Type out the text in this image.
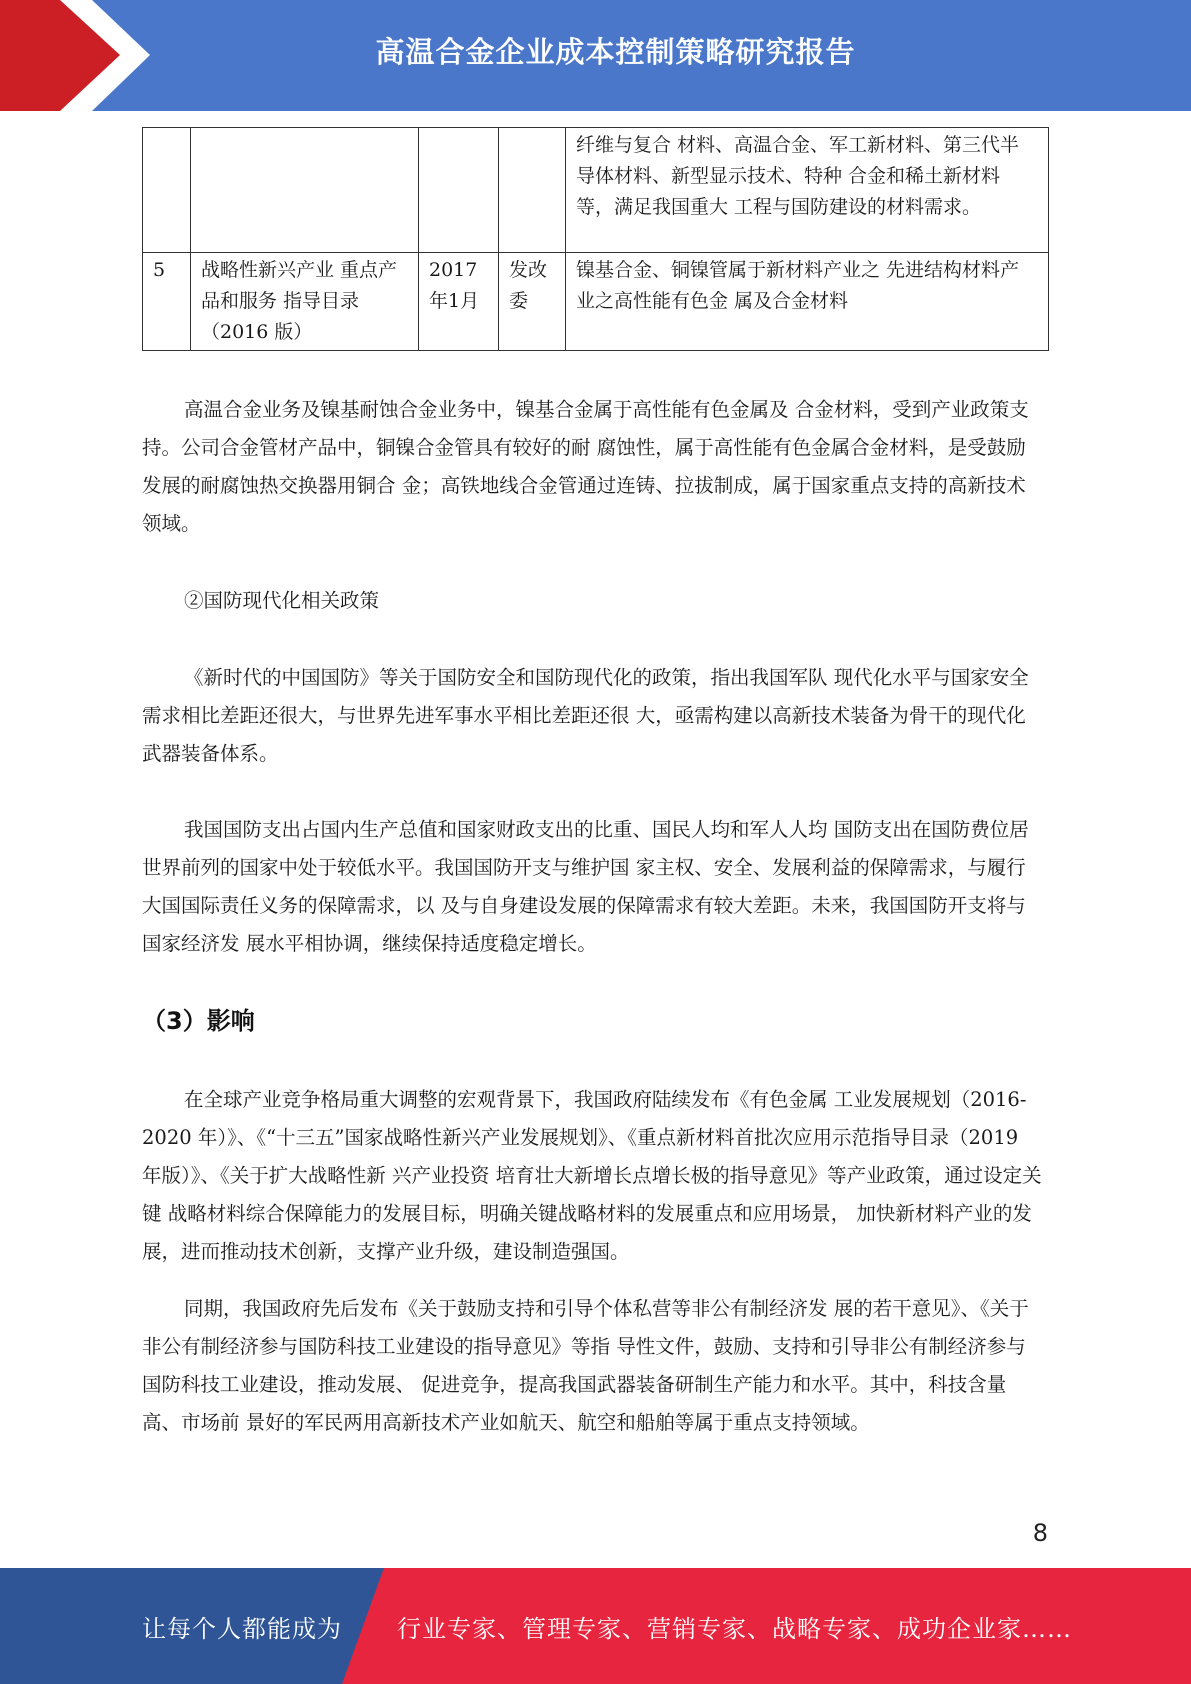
高温合金企业成本控制策略研究报告
				纤维与复合 材料、高温合金、军工新材料、第三代半导体材料、新型显示技术、特种 合金和稀土新材料等，满足我国重大 工程与国防建设的材料需求。
5	战略性新兴产业 重点产品和服务 指导目录（2016 版）	2017年1月	发改委	镍基合金、铜镍管属于新材料产业之 先进结构材料产业之高性能有色金 属及合金材料

高温合金业务及镍基耐蚀合金业务中，镍基合金属于高性能有色金属及 合金材料，受到产业政策支持。公司合金管材产品中，铜镍合金管具有较好的耐 腐蚀性，属于高性能有色金属合金材料，是受鼓励发展的耐腐蚀热交换器用铜合 金；高铁地线合金管通过连铸、拉拔制成，属于国家重点支持的高新技术领域。

②国防现代化相关政策

《新时代的中国国防》等关于国防安全和国防现代化的政策，指出我国军队 现代化水平与国家安全需求相比差距还很大，与世界先进军事水平相比差距还很 大，亟需构建以高新技术装备为骨干的现代化武器装备体系。

我国国防支出占国内生产总值和国家财政支出的比重、国民人均和军人人均 国防支出在国防费位居世界前列的国家中处于较低水平。我国国防开支与维护国 家主权、安全、发展利益的保障需求，与履行大国国际责任义务的保障需求，以 及与自身建设发展的保障需求有较大差距。未来，我国国防开支将与国家经济发 展水平相协调，继续保持适度稳定增长。

（3）影响

在全球产业竞争格局重大调整的宏观背景下，我国政府陆续发布《有色金属 工业发展规划（2016-2020 年）》、《“十三五”国家战略性新兴产业发展规划》、《重点新材料首批次应用示范指导目录（2019 年版）》、《关于扩大战略性新 兴产业投资 培育壮大新增长点增长极的指导意见》等产业政策，通过设定关键 战略材料综合保障能力的发展目标，明确关键战略材料的发展重点和应用场景， 加快新材料产业的发展，进而推动技术创新，支撑产业升级，建设制造强国。

同期，我国政府先后发布《关于鼓励支持和引导个体私营等非公有制经济发 展的若干意见》、《关于非公有制经济参与国防科技工业建设的指导意见》等指 导性文件，鼓励、支持和引导非公有制经济参与国防科技工业建设，推动发展、 促进竞争，提高我国武器装备研制生产能力和水平。其中，科技含量高、市场前 景好的军民两用高新技术产业如航天、航空和船舶等属于重点支持领域。

8
让每个人都能成为 行业专家、管理专家、营销专家、战略专家、成功企业家……
